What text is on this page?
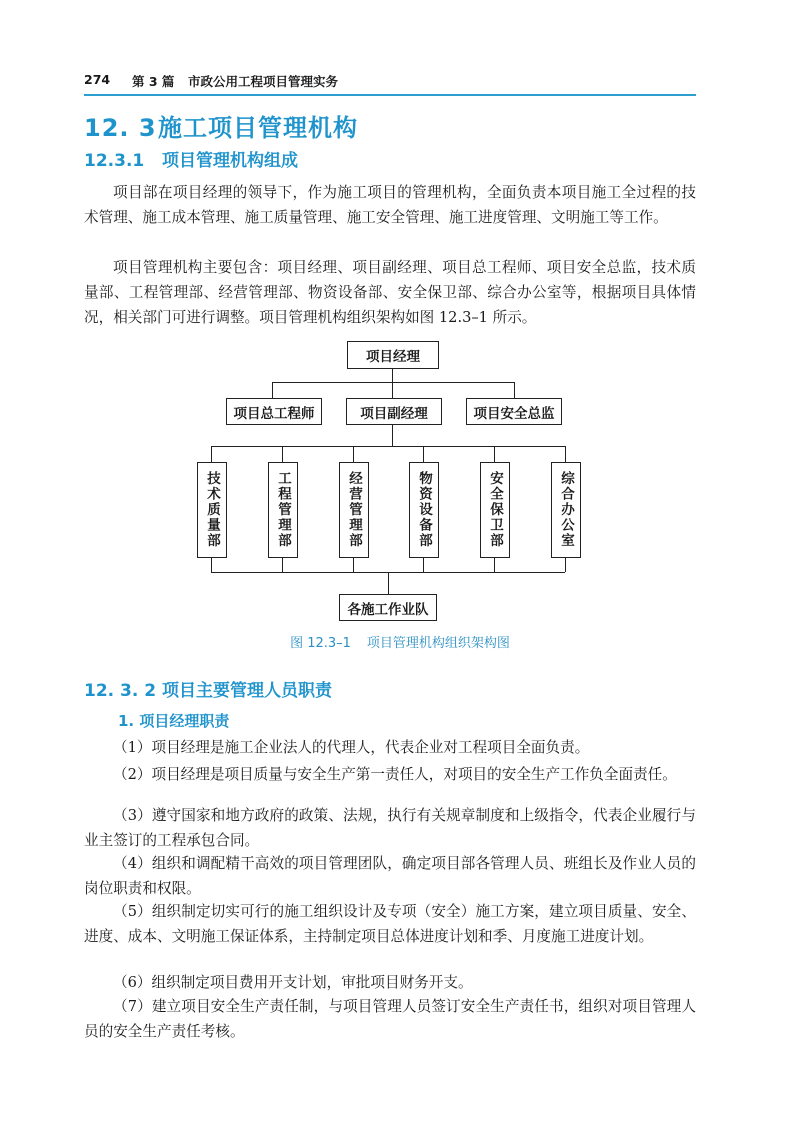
274 第 3 篇 市政公用工程项目管理实务
12. 3施工项目管理机构
12.3.1 项目管理机构组成

项目部在项目经理的领导下，作为施工项目的管理机构，全面负责本项目施工全过程的技术管理、施工成本管理、施工质量管理、施工安全管理、施工进度管理、文明施工等工作。

项目管理机构主要包含：项目经理、项目副经理、项目总工程师、项目安全总监，技术质量部、工程管理部、经营管理部、物资设备部、安全保卫部、综合办公室等，根据项目具体情况，相关部门可进行调整。项目管理机构组织架构如图 12.3–1 所示。

项目经理
项目总工程师	项目副经理	项目安全总监
技术质量部	工程管理部	经营管理部	物资设备部	安全保卫部	综合办公室
各施工作业队
图 12.3–1 项目管理机构组织架构图
12. 3. 2 项目主要管理人员职责
1. 项目经理职责

（1）项目经理是施工企业法人的代理人，代表企业对工程项目全面负责。

（2）项目经理是项目质量与安全生产第一责任人，对项目的安全生产工作负全面责任。

（3）遵守国家和地方政府的政策、法规，执行有关规章制度和上级指令，代表企业履行与业主签订的工程承包合同。

（4）组织和调配精干高效的项目管理团队，确定项目部各管理人员、班组长及作业人员的岗位职责和权限。

（5）组织制定切实可行的施工组织设计及专项（安全）施工方案，建立项目质量、安全、进度、成本、文明施工保证体系，主持制定项目总体进度计划和季、月度施工进度计划。

（6）组织制定项目费用开支计划，审批项目财务开支。

（7）建立项目安全生产责任制，与项目管理人员签订安全生产责任书，组织对项目管理人员的安全生产责任考核。
